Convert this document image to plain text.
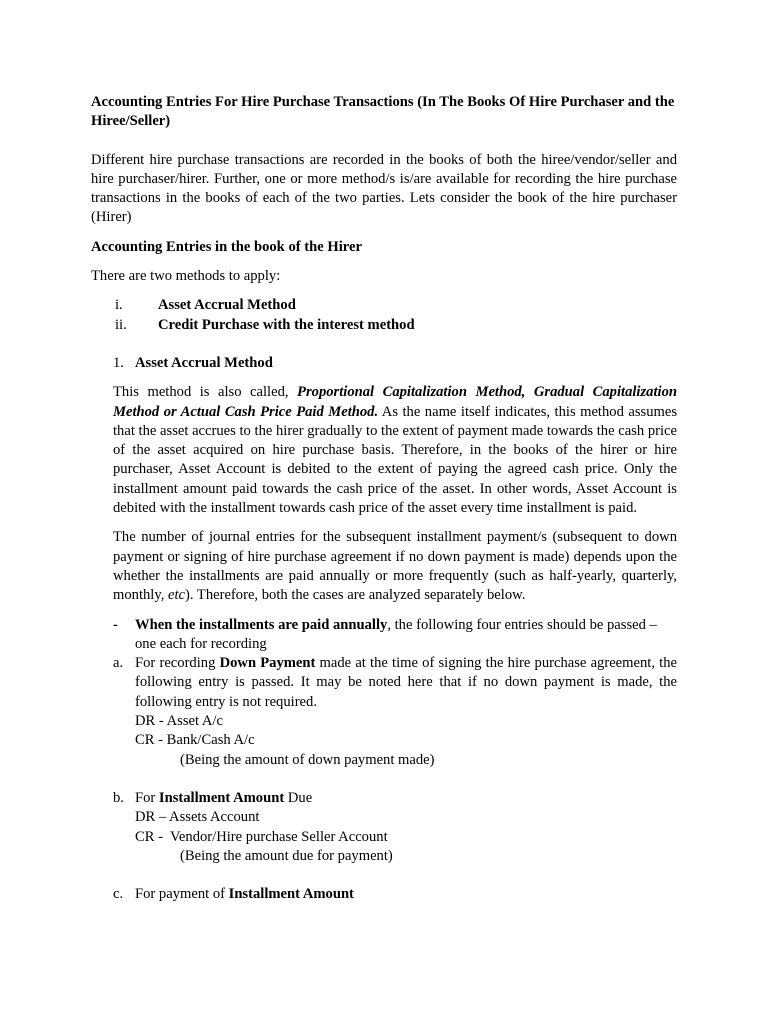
Accounting Entries For Hire Purchase Transactions (In The Books Of Hire Purchaser and the Hiree/Seller)

Different hire purchase transactions are recorded in the books of both the hiree/vendor/seller and hire purchaser/hirer. Further, one or more method/s is/are available for recording the hire purchase transactions in the books of each of the two parties. Lets consider the book of the hire purchaser (Hirer)

Accounting Entries in the book of the Hirer

There are two methods to apply:

i.	Asset Accrual Method
ii.	Credit Purchase with the interest method
1. Asset Accrual Method

This method is also called, Proportional Capitalization Method, Gradual Capitalization Method or Actual Cash Price Paid Method. As the name itself indicates, this method assumes that the asset accrues to the hirer gradually to the extent of payment made towards the cash price of the asset acquired on hire purchase basis. Therefore, in the books of the hirer or hire purchaser, Asset Account is debited to the extent of paying the agreed cash price. Only the installment amount paid towards the cash price of the asset. In other words, Asset Account is debited with the installment towards cash price of the asset every time installment is paid.

The number of journal entries for the subsequent installment payment/s (subsequent to down payment or signing of hire purchase agreement if no down payment is made) depends upon the whether the installments are paid annually or more frequently (such as half-yearly, quarterly, monthly, etc). Therefore, both the cases are analyzed separately below.

-	When the installments are paid annually, the following four entries should be passed – one each for recording
a. For recording Down Payment made at the time of signing the hire purchase agreement, the following entry is passed. It may be noted here that if no down payment is made, the following entry is not required.

DR - Asset A/c

CR - Bank/Cash A/c

(Being the amount of down payment made)

b. For Installment Amount Due

DR – Assets Account

CR -  Vendor/Hire purchase Seller Account

(Being the amount due for payment)

c. For payment of Installment Amount
